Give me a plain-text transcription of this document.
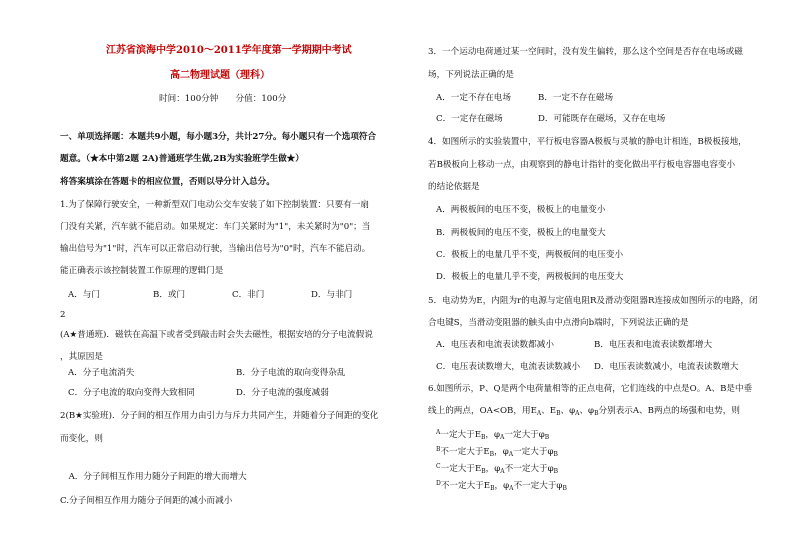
江苏省滨海中学2010～2011学年度第一学期期中考试
高二物理试题（理科）
时间：100分钟　　分值：100分
一、单项选择题：本题共9小题，每小题3分，共计27分。每小题只有一个选项符合
题意。（★本中第2题 2A)普通班学生做,2B为实验班学生做★）
将答案填涂在答题卡的相应位置，否则以导分计入总分。
1.为了保障行驶安全，一种新型双门电动公交车安装了如下控制装置：只要有一扇
门没有关紧，汽车就不能启动。如果规定：车门关紧时为"1"，未关紧时为"0"；当
输出信号为"1"时，汽车可以正常启动行驶，当输出信号为"0"时，汽车不能启动。
能正确表示该控制装置工作原理的逻辑门是
A．与门	B．或门	C．非门	D．与非门
2
(A★普通班)．磁铁在高温下或者受到敲击时会失去磁性，根据安培的分子电流假说
，其原因是
A．分子电流消失	B．分子电流的取向变得杂乱
C．分子电流的取向变得大致相同	D．分子电流的强度减弱
2(B★实验班)．分子间的相互作用力由引力与斥力共同产生，并随着分子间距的变化
而变化，则
　A．分子间相互作用力随分子间距的增大而增大
C.分子间相互作用力随分子间距的减小而减小
3．一个运动电荷通过某一空间时，没有发生偏转，那么这个空间是否存在电场或磁
场，下列说法正确的是
A．一定不存在电场	B．一定不存在磁场
C．一定存在磁场	D．可能既存在磁场，又存在电场
4．如图所示的实验装置中，平行板电容器A极板与灵敏的静电计相连，B极板接地，
若B极板向上移动一点，由观察到的静电计指针的变化做出平行板电容器电容变小
的结论依据是
A．两极板间的电压不变，极板上的电量变小
B．两极板间的电压不变，极板上的电量变大
C．极板上的电量几乎不变，两极板间的电压变小
D．极板上的电量几乎不变，两极板间的电压变大
5．电动势为E，内阻为r的电源与定值电阻R及滑动变阻器R连接成如图所示的电路，闭
合电键S，当滑动变阻器的触头由中点滑向b端时，下列说法正确的是
A．电压表和电流表读数都减小	B．电压表和电流表读数都增大
C．电压表读数增大，电流表读数减小 D．电压表读数减小，电流表读数增大
6.如图所示，P、Q是两个电荷量相等的正点电荷，它们连线的中点是O。A、B是中垂
线上的两点，OA<OB，用$E_A$、$E_B$、$\varphi_A$、$\varphi_B$分别表示A、B两点的场强和电势，则
$^A$一定大于$E_B$，$\varphi_A$一定大于$\varphi_B$
$^B$不一定大于$E_B$，$\varphi_A$一定大于$\varphi_B$
$^C$一定大于$E_B$，$\varphi_A$不一定大于$\varphi_B$
$^D$不一定大于$E_B$，$\varphi_A$不一定大于$\varphi_B$
